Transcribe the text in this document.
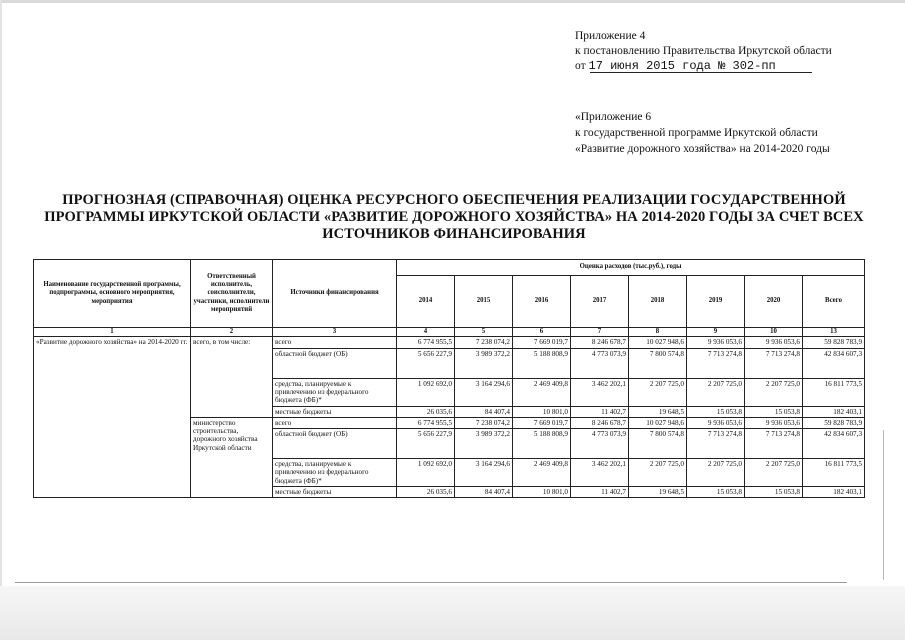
Приложение 4
к постановлению Правительства Иркутской области
от 17 июня 2015 года № 302-пп
«Приложение 6
к государственной программе Иркутской области
«Развитие дорожного хозяйства» на 2014-2020 годы
ПРОГНОЗНАЯ (СПРАВОЧНАЯ) ОЦЕНКА РЕСУРСНОГО ОБЕСПЕЧЕНИЯ РЕАЛИЗАЦИИ ГОСУДАРСТВЕННОЙ ПРОГРАММЫ ИРКУТСКОЙ ОБЛАСТИ «РАЗВИТИЕ ДОРОЖНОГО ХОЗЯЙСТВА» НА 2014-2020 ГОДЫ ЗА СЧЕТ ВСЕХ ИСТОЧНИКОВ ФИНАНСИРОВАНИЯ
Наименование государственной программы, подпрограммы, основного мероприятия, мероприятия	Ответственный исполнитель, соисполнители, участники, исполнители мероприятий	Источники финансирования	Оценка расходов (тыс.руб.), годы							
			2014	2015	2016	2017	2018	2019	2020	Всего
1	2	3	4	5	6	7	8	9	10	13
«Развитие дорожного хозяйства» на 2014-2020 гг.	всего, в том числе:	всего	6 774 955,5	7 238 074,2	7 669 019,7	8 246 678,7	10 027 948,6	9 936 053,6	9 936 053,6	59 828 783,9
		областной бюджет (ОБ)	5 656 227,9	3 989 372,2	5 188 808,9	4 773 073,9	7 800 574,8	7 713 274,8	7 713 274,8	42 834 607,3
		средства, планируемые к привлечению из федерального бюджета (ФБ)*	1 092 692,0	3 164 294,6	2 469 409,8	3 462 202,1	2 207 725,0	2 207 725,0	2 207 725,0	16 811 773,5
		местные бюджеты	26 035,6	84 407,4	10 801,0	11 402,7	19 648,5	15 053,8	15 053,8	182 403,1
	министерство строительства, дорожного хозяйства Иркутской области	всего	6 774 955,5	7 238 074,2	7 669 019,7	8 246 678,7	10 027 948,6	9 936 053,6	9 936 053,6	59 828 783,9
		областной бюджет (ОБ)	5 656 227,9	3 989 372,2	5 188 808,9	4 773 073,9	7 800 574,8	7 713 274,8	7 713 274,8	42 834 607,3
		средства, планируемые к привлечению из федерального бюджета (ФБ)*	1 092 692,0	3 164 294,6	2 469 409,8	3 462 202,1	2 207 725,0	2 207 725,0	2 207 725,0	16 811 773,5
		местные бюджеты	26 035,6	84 407,4	10 801,0	11 402,7	19 648,5	15 053,8	15 053,8	182 403,1
